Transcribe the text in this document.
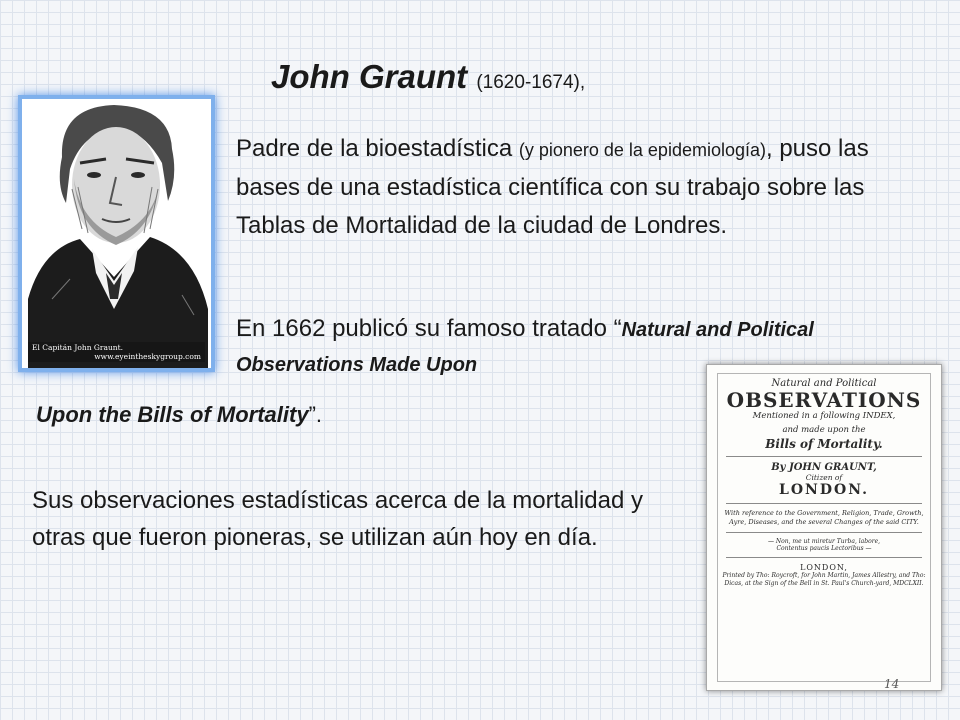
John Graunt (1620-1674),
El Capitán John Graunt.
www.eyeintheskygroup.com

Padre de la bioestadística (y pionero de la epidemiología), puso las bases de una estadística científica con su trabajo sobre las Tablas de Mortalidad de la ciudad de Londres.

En 1662 publicó su famoso tratado “Natural and Political Observations Made Upon

Upon the Bills of Mortality”.

Sus observaciones estadísticas acerca de la mortalidad y otras que fueron pioneras, se utilizan aún hoy en día.

Natural and Political
OBSERVATIONS
Mentioned in a following INDEX,
and made upon the
Bills of Mortality.
By JOHN GRAUNT,
Citizen of
LONDON.
With reference to the Government, Religion, Trade, Growth, Ayre, Diseases, and the several Changes of the said CITY.
— Non, me ut miretur Turba, labore,
Contentus paucis Lectoribus —
LONDON,
Printed by Tho: Roycroft, for John Martin, James Allestry, and Tho: Dicas, at the Sign of the Bell in St. Paul's Church-yard, MDCLXII.
14
